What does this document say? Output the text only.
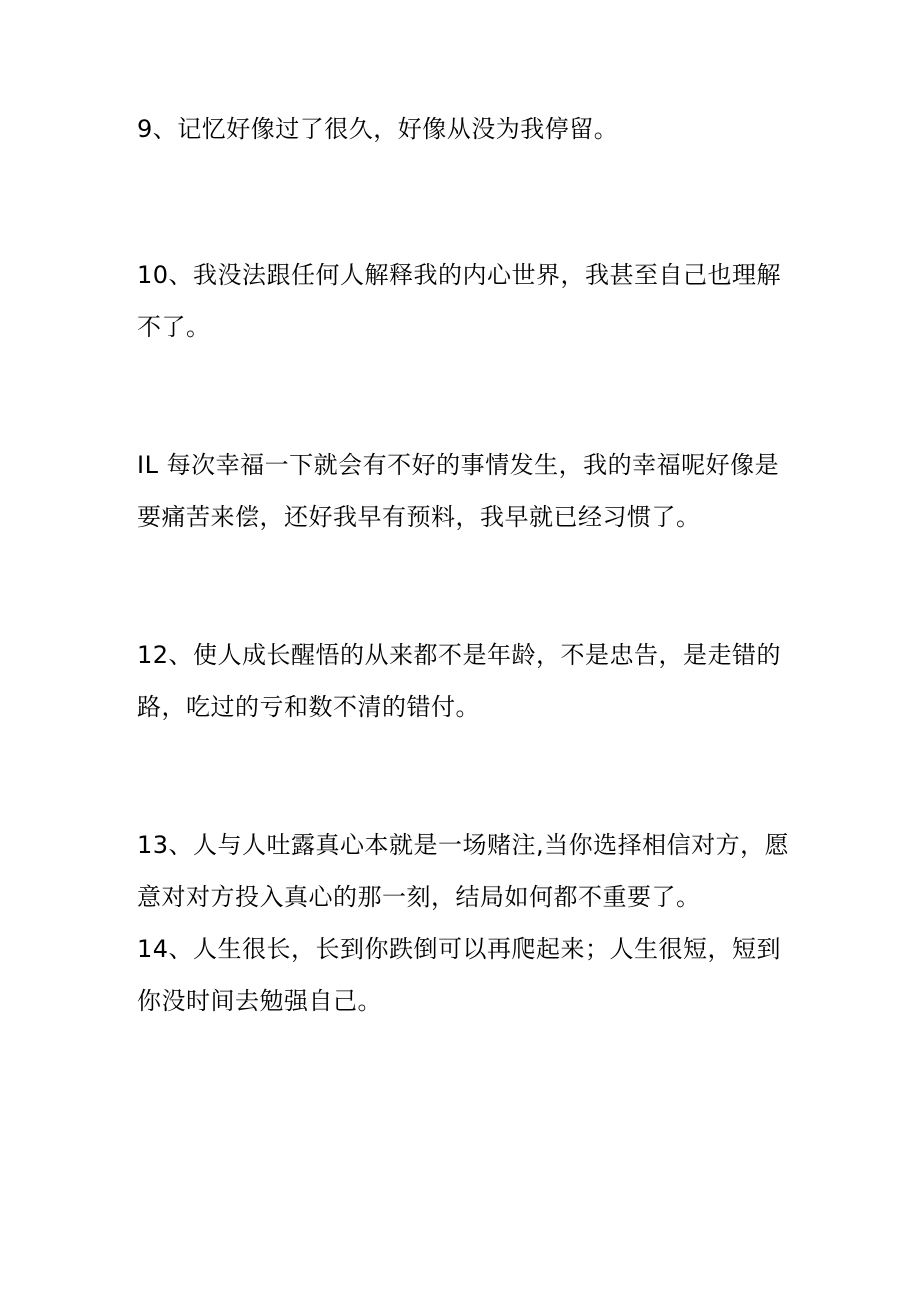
9、记忆好像过了很久，好像从没为我停留。

10、我没法跟任何人解释我的内心世界，我甚至自己也理解不了。

IL 每次幸福一下就会有不好的事情发生，我的幸福呢好像是要痛苦来偿，还好我早有预料，我早就已经习惯了。

12、使人成长醒悟的从来都不是年龄，不是忠告，是走错的路，吃过的亏和数不清的错付。

13、人与人吐露真心本就是一场赌注,当你选择相信对方，愿意对对方投入真心的那一刻，结局如何都不重要了。

14、人生很长，长到你跌倒可以再爬起来；人生很短，短到你没时间去勉强自己。
